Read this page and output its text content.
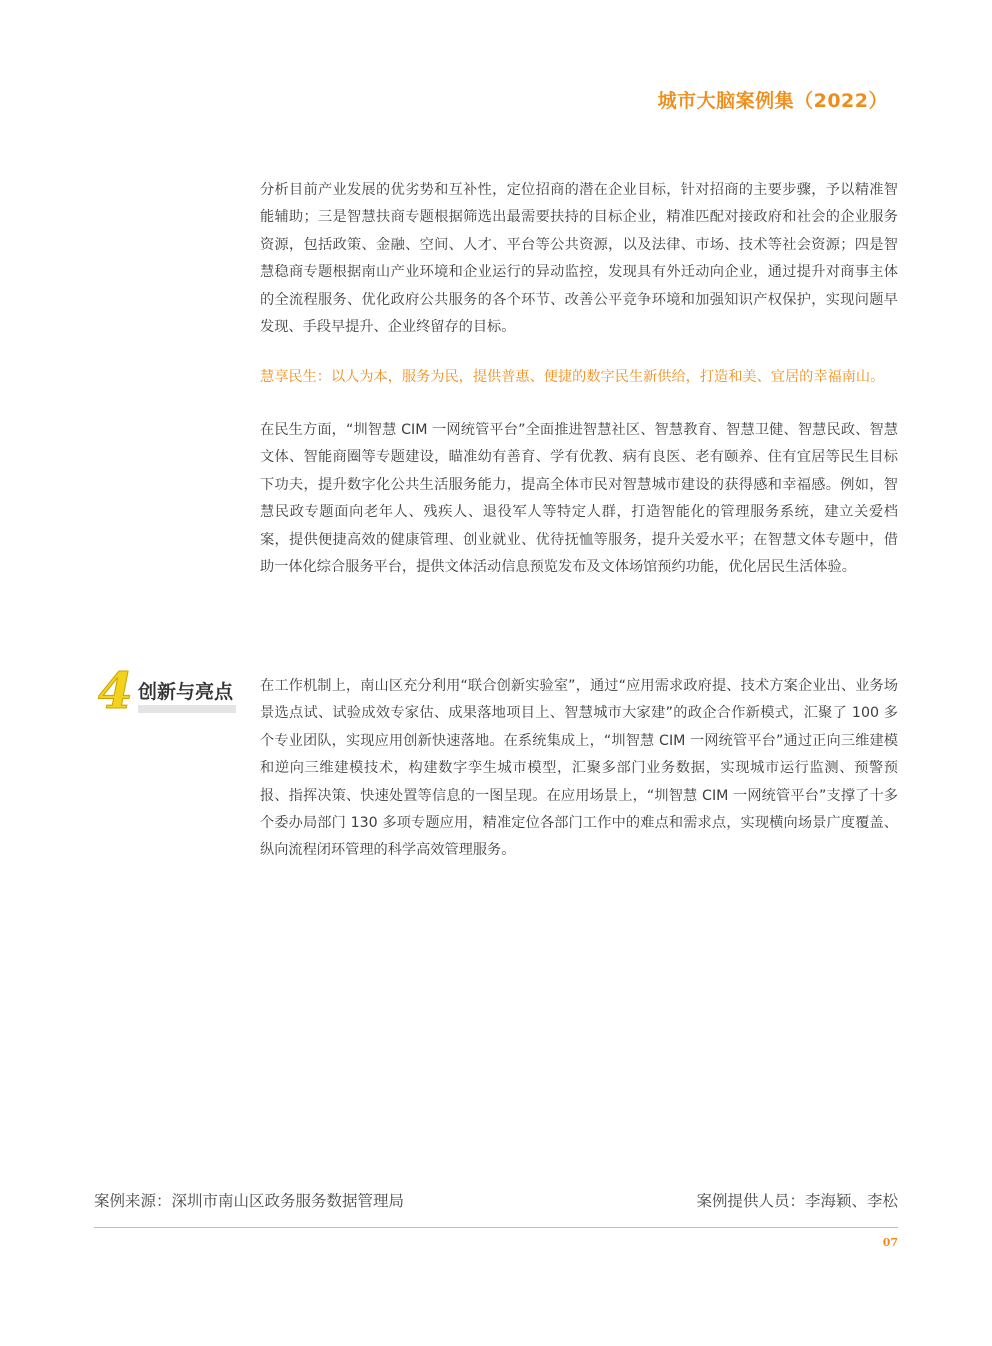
城市大脑案例集（2022）

分析目前产业发展的优劣势和互补性，定位招商的潜在企业目标，针对招商的主要步骤，予以精准智能辅助；三是智慧扶商专题根据筛选出最需要扶持的目标企业，精准匹配对接政府和社会的企业服务资源，包括政策、金融、空间、人才、平台等公共资源，以及法律、市场、技术等社会资源；四是智慧稳商专题根据南山产业环境和企业运行的异动监控，发现具有外迁动向企业，通过提升对商事主体的全流程服务、优化政府公共服务的各个环节、改善公平竞争环境和加强知识产权保护，实现问题早发现、手段早提升、企业终留存的目标。

慧享民生：以人为本，服务为民，提供普惠、便捷的数字民生新供给，打造和美、宜居的幸福南山。

在民生方面，“圳智慧 CIM 一网统管平台”全面推进智慧社区、智慧教育、智慧卫健、智慧民政、智慧文体、智能商圈等专题建设，瞄准幼有善育、学有优教、病有良医、老有颐养、住有宜居等民生目标下功夫，提升数字化公共生活服务能力，提高全体市民对智慧城市建设的获得感和幸福感。例如，智慧民政专题面向老年人、残疾人、退役军人等特定人群，打造智能化的管理服务系统，建立关爱档案，提供便捷高效的健康管理、创业就业、优待抚恤等服务，提升关爱水平；在智慧文体专题中，借助一体化综合服务平台，提供文体活动信息预览发布及文体场馆预约功能，优化居民生活体验。

4 创新与亮点 在工作机制上，南山区充分利用“联合创新实验室”，通过“应用需求政府提、技术方案企业出、业务场景选点试、试验成效专家估、成果落地项目上、智慧城市大家建”的政企合作新模式，汇聚了 100 多个专业团队，实现应用创新快速落地。在系统集成上，“圳智慧 CIM 一网统管平台”通过正向三维建模和逆向三维建模技术，构建数字孪生城市模型，汇聚多部门业务数据，实现城市运行监测、预警预报、指挥决策、快速处置等信息的一图呈现。在应用场景上，“圳智慧 CIM 一网统管平台”支撑了十多个委办局部门 130 多项专题应用，精准定位各部门工作中的难点和需求点，实现横向场景广度覆盖、纵向流程闭环管理的科学高效管理服务。

案例来源：深圳市南山区政务服务数据管理局	案例提供人员：李海颖、李松
07
